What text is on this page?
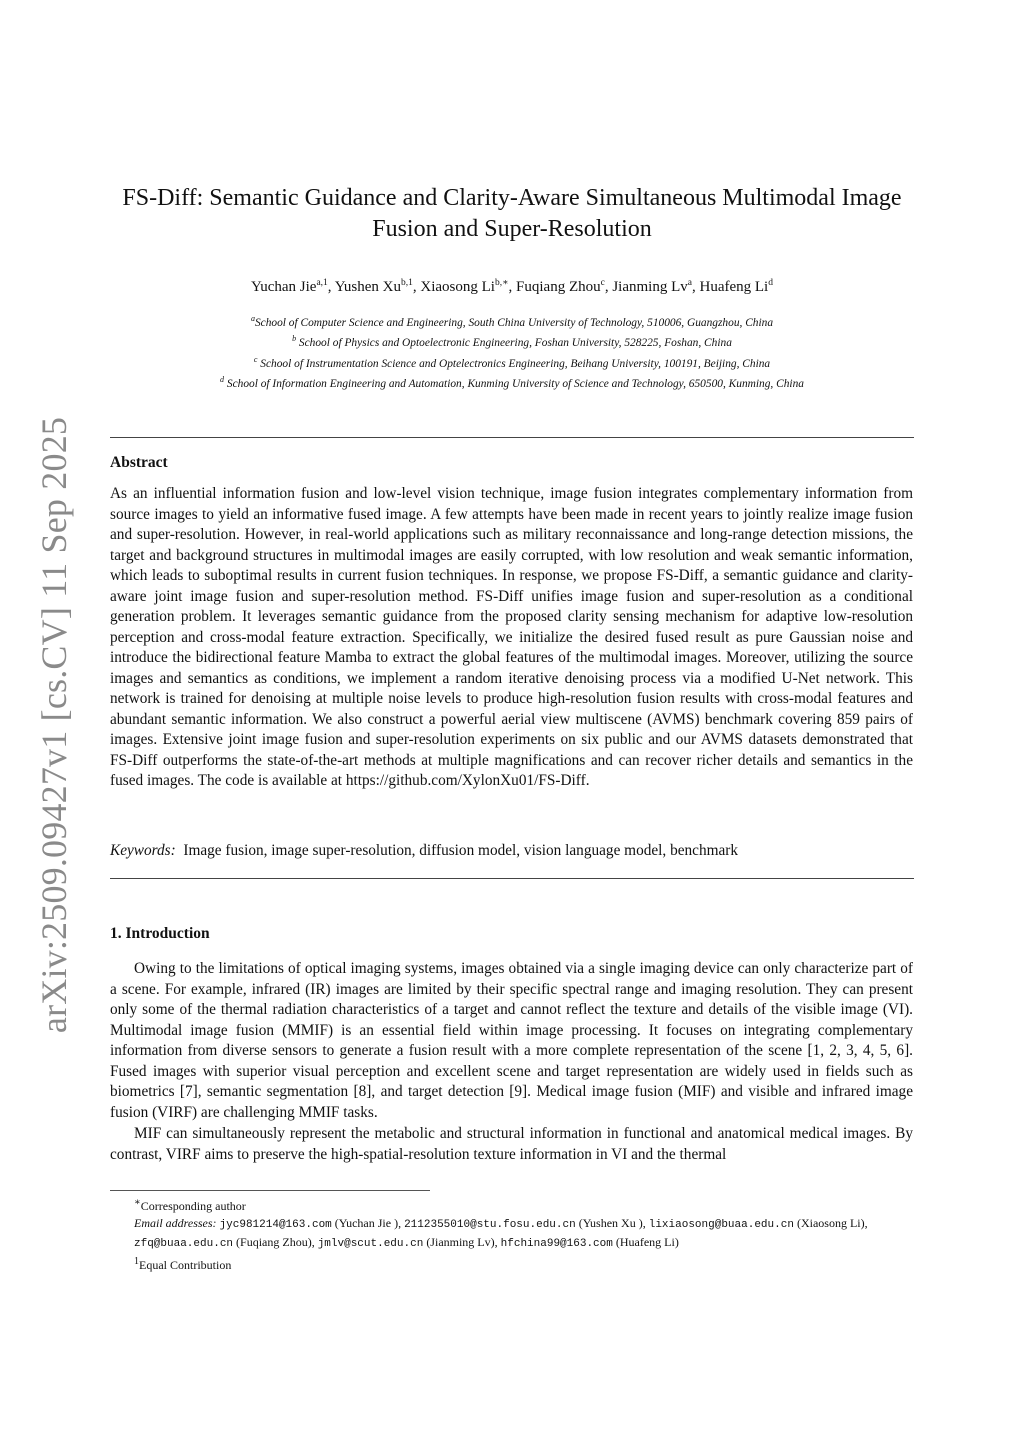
arXiv:2509.09427v1 [cs.CV] 11 Sep 2025
FS-Diff: Semantic Guidance and Clarity-Aware Simultaneous Multimodal Image
Fusion and Super-Resolution
Yuchan Jie$^{a,1}$, Yushen Xu$^{b,1}$, Xiaosong $Li^{b,∗}$, Fuqiang Zhou$^c$, Jianming Lv$^a$, Huafeng Li$^d$
$^a$School of Computer Science and Engineering, South China University of Technology, 510006, Guangzhou, China
$^b$ School of Physics and Optoelectronic Engineering, Foshan University, 528225, Foshan, China
$^c$ School of Instrumentation Science and Optelectronics Engineering, Beihang University, 100191, Beijing, China
$^d$ School of Information Engineering and Automation, Kunming University of Science and Technology, 650500, Kunming, China
Abstract

As an influential information fusion and low-level vision technique, image fusion integrates complementary information from source images to yield an informative fused image. A few attempts have been made in recent years to jointly realize image fusion and super-resolution. However, in real-world applications such as military reconnaissance and long-range detection missions, the target and background structures in multimodal images are easily corrupted, with low resolution and weak semantic information, which leads to suboptimal results in current fusion techniques. In response, we propose FS-Diff, a semantic guidance and clarity-aware joint image fusion and super-resolution method. FS-Diff unifies image fusion and super-resolution as a conditional generation problem. It leverages semantic guidance from the proposed clarity sensing mechanism for adaptive low-resolution perception and cross-modal feature extraction. Specifically, we initialize the desired fused result as pure Gaussian noise and introduce the bidirectional feature Mamba to extract the global features of the multimodal images. Moreover, utilizing the source images and semantics as conditions, we implement a random iterative denoising process via a modified U-Net network. This network is trained for denoising at multiple noise levels to produce high-resolution fusion results with cross-modal features and abundant semantic information. We also construct a powerful aerial view multiscene (AVMS) benchmark covering 859 pairs of images. Extensive joint image fusion and super-resolution experiments on six public and our AVMS datasets demonstrated that FS-Diff outperforms the state-of-the-art methods at multiple magnifications and can recover richer details and semantics in the fused images. The code is available at https://github.com/XylonXu01/FS-Diff.

Keywords: Image fusion, image super-resolution, diffusion model, vision language model, benchmark
1. Introduction

Owing to the limitations of optical imaging systems, images obtained via a single imaging device can only characterize part of a scene. For example, infrared (IR) images are limited by their specific spectral range and imaging resolution. They can present only some of the thermal radiation characteristics of a target and cannot reflect the texture and details of the visible image (VI). Multimodal image fusion (MMIF) is an essential field within image processing. It focuses on integrating complementary information from diverse sensors to generate a fusion result with a more complete representation of the scene [1, 2, 3, 4, 5, 6]. Fused images with superior visual perception and excellent scene and target representation are widely used in fields such as biometrics [7], semantic segmentation [8], and target detection [9]. Medical image fusion (MIF) and visible and infrared image fusion (VIRF) are challenging MMIF tasks.

MIF can simultaneously represent the metabolic and structural information in functional and anatomical medical images. By contrast, VIRF aims to preserve the high-spatial-resolution texture information in VI and the thermal

∗Corresponding author
Email addresses: jyc981214@163.com (Yuchan Jie ), 2112355010@stu.fosu.edu.cn (Yushen Xu ), lixiaosong@buaa.edu.cn (Xiaosong Li), zfq@buaa.edu.cn (Fuqiang Zhou), jmlv@scut.edu.cn (Jianming Lv), hfchina99@163.com (Huafeng Li)
$^1$Equal Contribution
